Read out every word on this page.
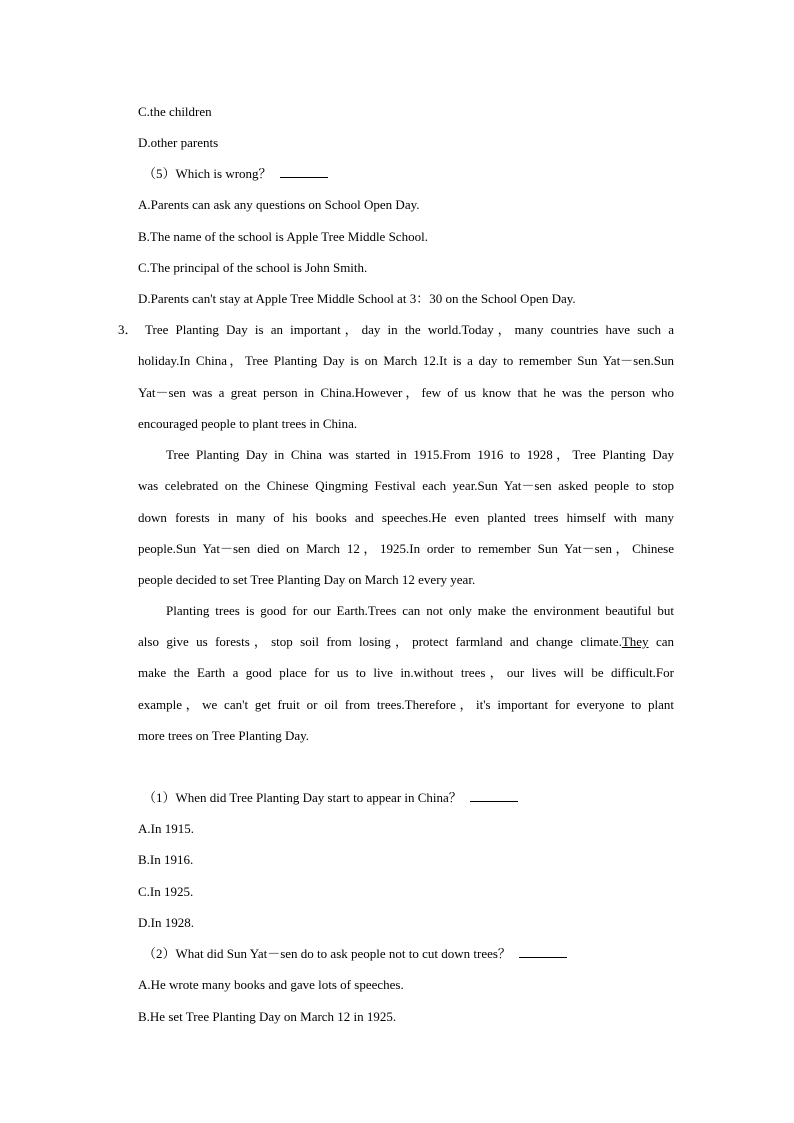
C.the children
D.other parents
（5）Which is wrong？
A.Parents can ask any questions on School Open Day.
B.The name of the school is Apple Tree Middle School.
C.The principal of the school is John Smith.
D.Parents can't stay at Apple Tree Middle School at 3：30 on the School Open Day.
3． Tree Planting Day is an important，day in the world.Today，many countries have such a
holiday.In China，Tree Planting Day is on March 12.It is a day to remember Sun Yat－sen.Sun
Yat－sen was a great person in China.However，few of us know that he was the person who
encouraged people to plant trees in China.
Tree Planting Day in China was started in 1915.From 1916 to 1928，Tree Planting Day
was celebrated on the Chinese Qingming Festival each year.Sun Yat－sen asked people to stop
down forests in many of his books and speeches.He even planted trees himself with many
people.Sun Yat－sen died on March 12，1925.In order to remember Sun Yat－sen，Chinese
people decided to set Tree Planting Day on March 12 every year.
Planting trees is good for our Earth.Trees can not only make the environment beautiful but
also give us forests，stop soil from losing，protect farmland and change climate.They can
make the Earth a good place for us to live in.without trees，our lives will be difficult.For
example，we can't get fruit or oil from trees.Therefore，it's important for everyone to plant
more trees on Tree Planting Day.
（1）When did Tree Planting Day start to appear in China？
A.In 1915.
B.In 1916.
C.In 1925.
D.In 1928.
（2）What did Sun Yat－sen do to ask people not to cut down trees？
A.He wrote many books and gave lots of speeches.
B.He set Tree Planting Day on March 12 in 1925.
